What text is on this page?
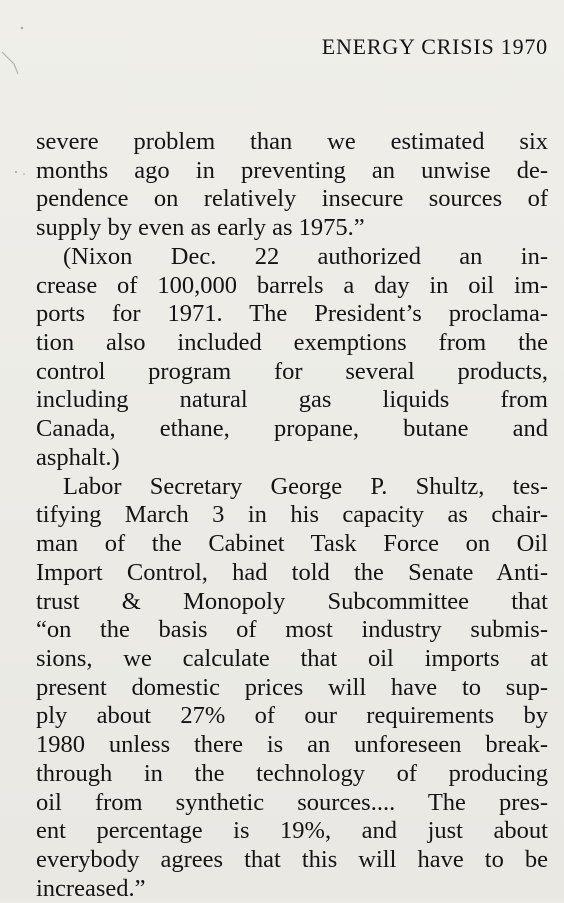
ENERGY CRISIS 1970
severe problem than we estimated six
months ago in preventing an unwise de-
pendence on relatively insecure sources of
supply by even as early as 1975.”
(Nixon Dec. 22 authorized an in-
crease of 100,000 barrels a day in oil im-
ports for 1971. The President’s proclama-
tion also included exemptions from the
control program for several products,
including natural gas liquids from
Canada, ethane, propane, butane and
asphalt.)
Labor Secretary George P. Shultz, tes-
tifying March 3 in his capacity as chair-
man of the Cabinet Task Force on Oil
Import Control, had told the Senate Anti-
trust & Monopoly Subcommittee that
“on the basis of most industry submis-
sions, we calculate that oil imports at
present domestic prices will have to sup-
ply about 27% of our requirements by
1980 unless there is an unforeseen break-
through in the technology of producing
oil from synthetic sources.... The pres-
ent percentage is 19%, and just about
everybody agrees that this will have to be
increased.”
